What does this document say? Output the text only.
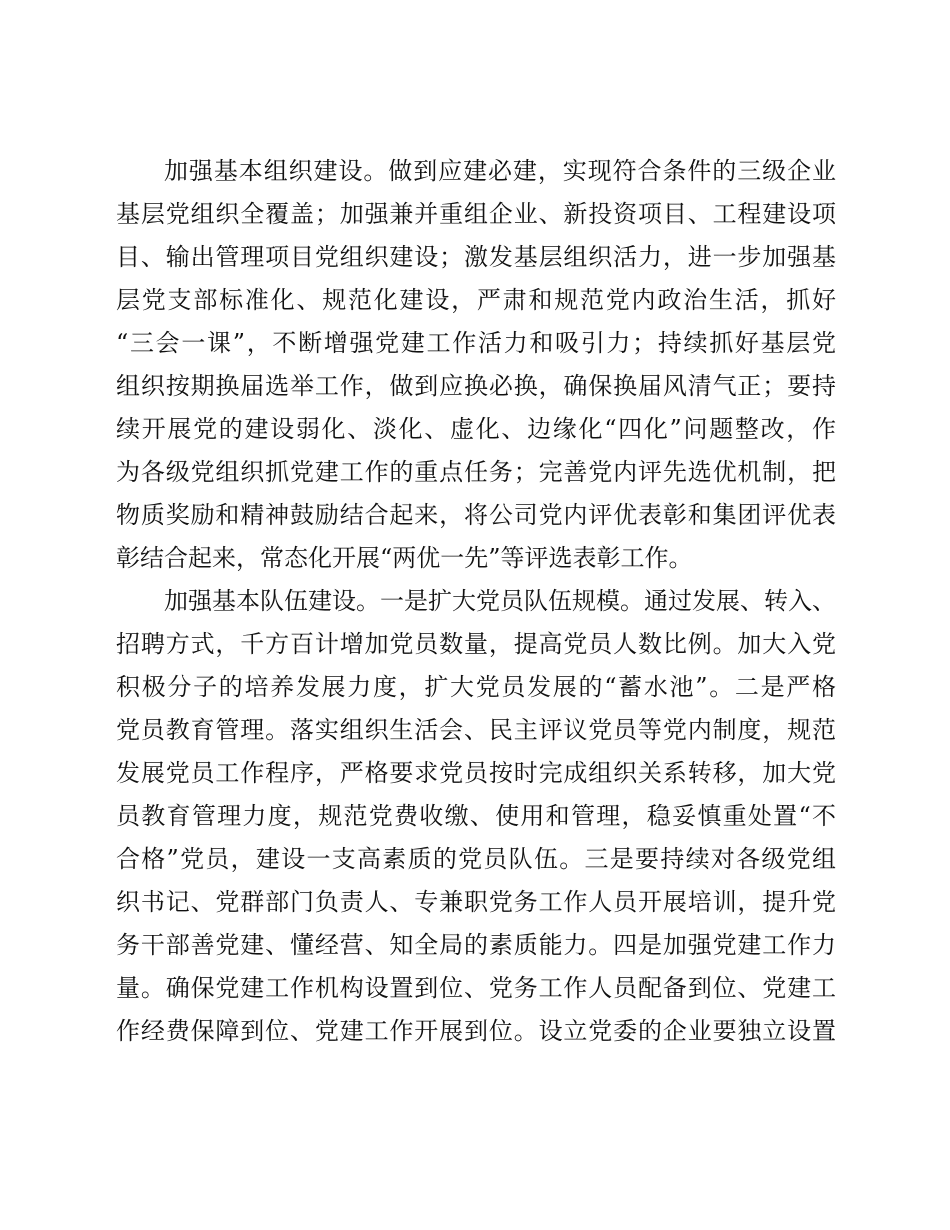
加强基本组织建设。做到应建必建，实现符合条件的三级企业
基层党组织全覆盖；加强兼并重组企业、新投资项目、工程建设项
目、输出管理项目党组织建设；激发基层组织活力，进一步加强基
层党支部标准化、规范化建设，严肃和规范党内政治生活，抓好
“三会一课”，不断增强党建工作活力和吸引力；持续抓好基层党
组织按期换届选举工作，做到应换必换，确保换届风清气正；要持
续开展党的建设弱化、淡化、虚化、边缘化“四化”问题整改，作
为各级党组织抓党建工作的重点任务；完善党内评先选优机制，把
物质奖励和精神鼓励结合起来，将公司党内评优表彰和集团评优表
彰结合起来，常态化开展“两优一先”等评选表彰工作。
加强基本队伍建设。一是扩大党员队伍规模。通过发展、转入、
招聘方式，千方百计增加党员数量，提高党员人数比例。加大入党
积极分子的培养发展力度，扩大党员发展的“蓄水池”。二是严格
党员教育管理。落实组织生活会、民主评议党员等党内制度，规范
发展党员工作程序，严格要求党员按时完成组织关系转移，加大党
员教育管理力度，规范党费收缴、使用和管理，稳妥慎重处置“不
合格”党员，建设一支高素质的党员队伍。三是要持续对各级党组
织书记、党群部门负责人、专兼职党务工作人员开展培训，提升党
务干部善党建、懂经营、知全局的素质能力。四是加强党建工作力
量。确保党建工作机构设置到位、党务工作人员配备到位、党建工
作经费保障到位、党建工作开展到位。设立党委的企业要独立设置
